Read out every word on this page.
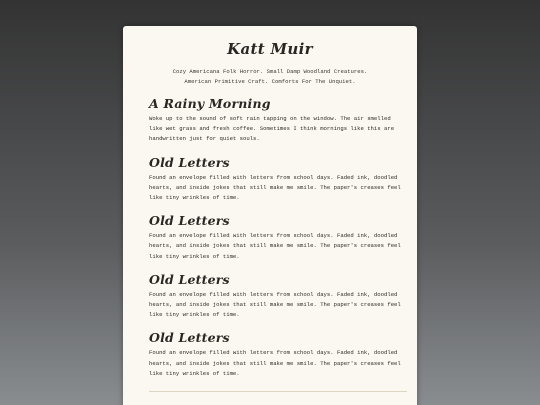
Katt Muir
Cozy Americana Folk Horror. Small Damp Woodland Creatures.
American Primitive Craft. Comforts For The Unquiet.
A Rainy Morning

Woke up to the sound of soft rain tapping on the window. The air smelled like wet grass and fresh coffee. Sometimes I think mornings like this are handwritten just for quiet souls.

Old Letters

Found an envelope filled with letters from school days. Faded ink, doodled hearts, and inside jokes that still make me smile. The paper's creases feel like tiny wrinkles of time.

Old Letters

Found an envelope filled with letters from school days. Faded ink, doodled hearts, and inside jokes that still make me smile. The paper's creases feel like tiny wrinkles of time.

Old Letters

Found an envelope filled with letters from school days. Faded ink, doodled hearts, and inside jokes that still make me smile. The paper's creases feel like tiny wrinkles of time.

Old Letters

Found an envelope filled with letters from school days. Faded ink, doodled hearts, and inside jokes that still make me smile. The paper's creases feel like tiny wrinkles of time.
